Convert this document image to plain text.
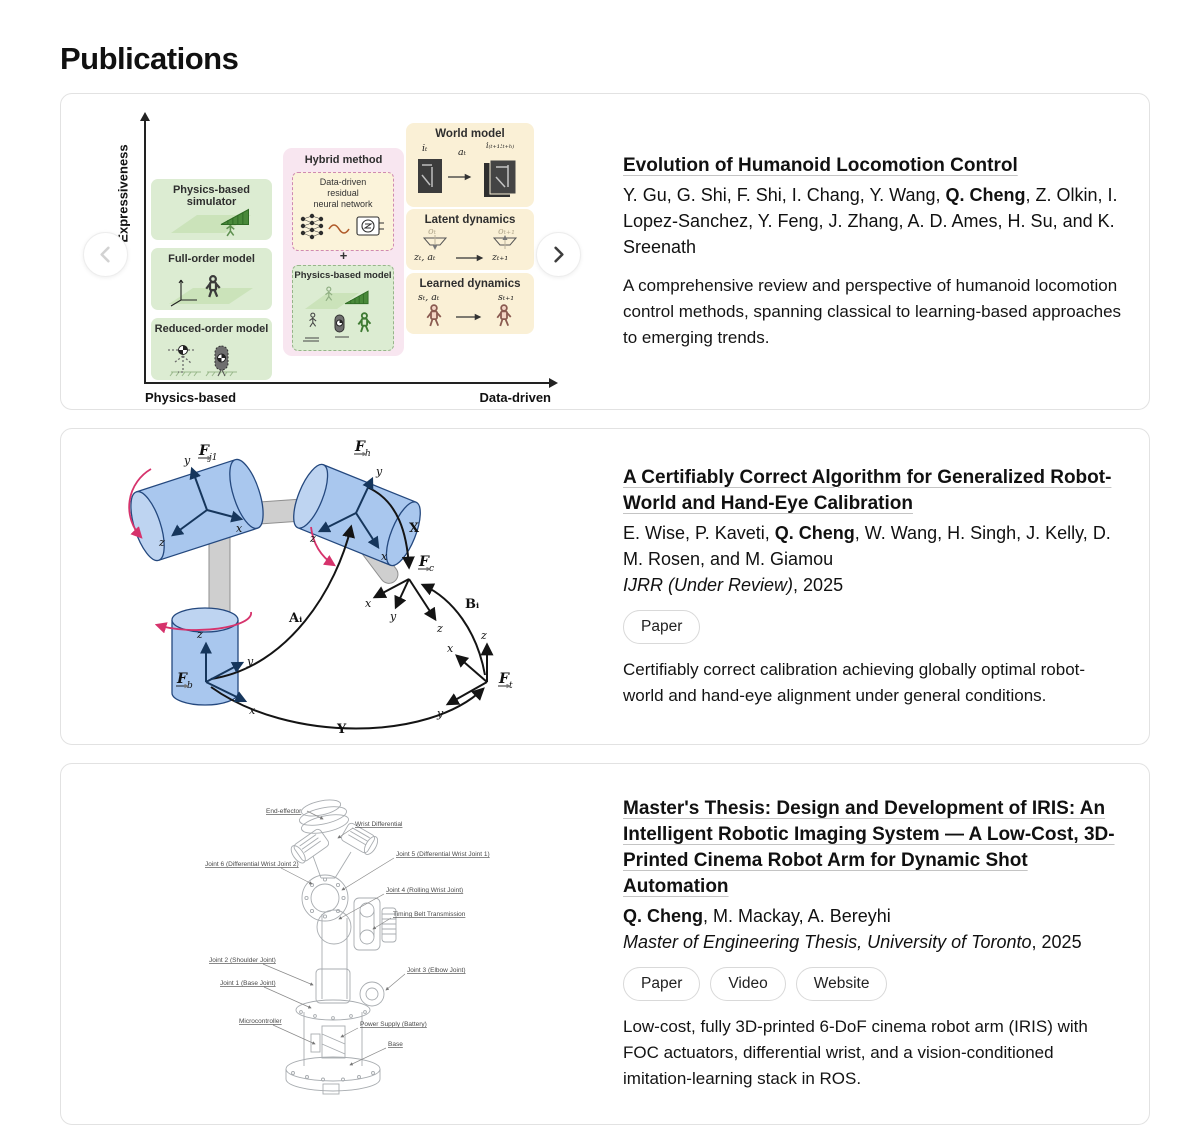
Publications
Expressiveness
Physics-based	Data-driven
Physics-based simulator
Full-order model
Reduced-order model
Hybrid method
Data-driven
residual
neural network
+
Physics-based model
World model
iₜ	aₜ
i₍ₜ₊₁:ₜ₊ₕ₎
Latent dynamics
oₜ	oₜ₊₁
zₜ, aₜ	zₜ₊₁
Learned dynamics
sₜ, aₜ	sₜ₊₁
Evolution of Humanoid Locomotion Control
Y. Gu, G. Shi, F. Shi, I. Chang, Y. Wang, Q. Cheng, Z. Olkin, I. Lopez-Sanchez, Y. Feng, J. Zhang, A. D. Ames, H. Su, and K. Sreenath
A comprehensive review and perspective of humanoid locomotion control methods, spanning classical to learning-based approaches to emerging trends.
F j1
F h
F c
F b	F t
y
x
z
y
z
x
x
y
z
z
y
x
z
x
y
Aᵢ
X
Bᵢ
Y
A Certifiably Correct Algorithm for Generalized Robot-World and Hand-Eye Calibration
E. Wise, P. Kaveti, Q. Cheng, W. Wang, H. Singh, J. Kelly, D. M. Rosen, and M. Giamou
IJRR (Under Review), 2025
Paper
Certifiably correct calibration achieving globally optimal robot-world and hand-eye alignment under general conditions.
End-effector
Wrist Differential
Joint 5 (Differential Wrist Joint 1)
Joint 6 (Differential Wrist Joint 2)
Joint 4 (Rolling Wrist Joint)
Timing Belt Transmission
Joint 2 (Shoulder Joint)
Joint 1 (Base Joint)
Joint 3 (Elbow Joint)
Microcontroller	Power Supply (Battery)
Base
Master's Thesis: Design and Development of IRIS: An Intelligent Robotic Imaging System — A Low-Cost, 3D-Printed Cinema Robot Arm for Dynamic Shot Automation
Q. Cheng, M. Mackay, A. Bereyhi
Master of Engineering Thesis, University of Toronto, 2025
Paper	Video	Website
Low-cost, fully 3D-printed 6-DoF cinema robot arm (IRIS) with FOC actuators, differential wrist, and a vision-conditioned imitation-learning stack in ROS.
